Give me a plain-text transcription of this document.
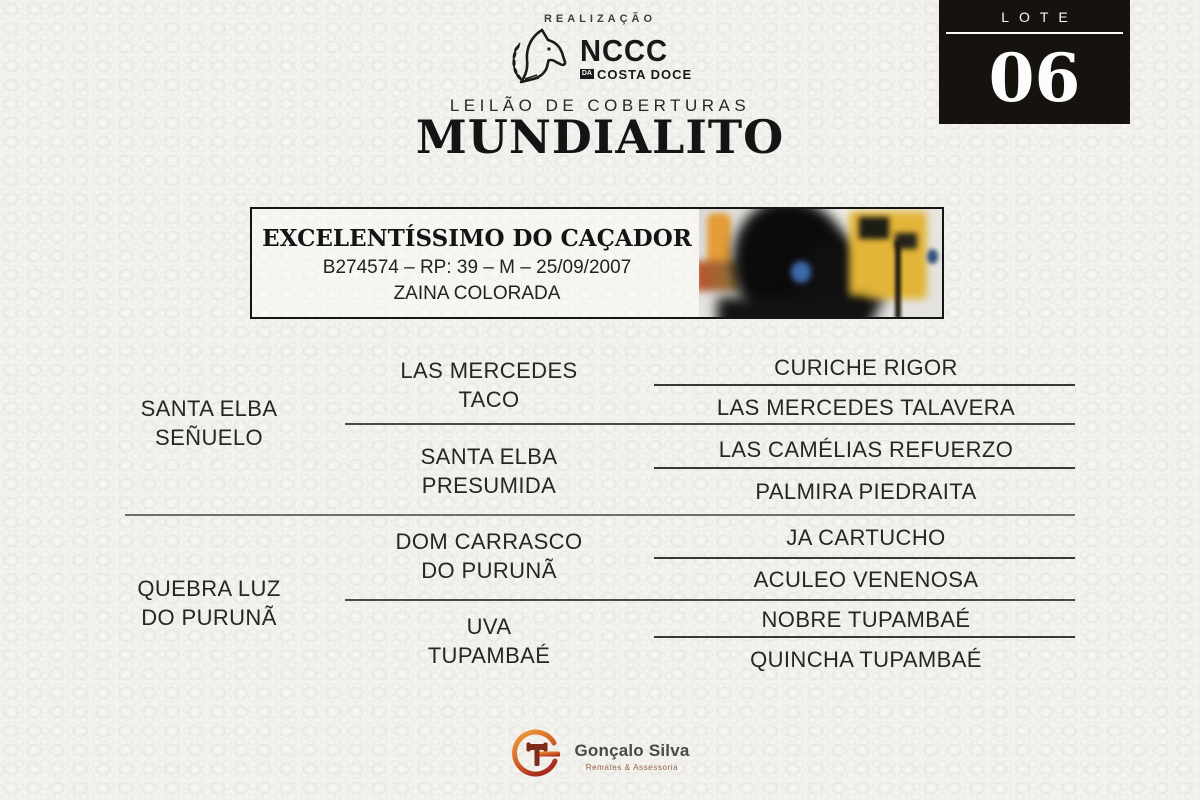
REALIZAÇÃO
NCCC
DA COSTA DOCE
LEILÃO DE COBERTURAS
MUNDIALITO
LOTE
06
EXCELENTÍSSIMO DO CAÇADOR
B274574 – RP: 39 – M – 25/09/2007
ZAINA COLORADA
SANTA ELBA
SEÑUELO
QUEBRA LUZ
DO PURUNÃ
LAS MERCEDES
TACO
SANTA ELBA
PRESUMIDA
DOM CARRASCO
DO PURUNÃ
UVA
TUPAMBAÉ
CURICHE RIGOR
LAS MERCEDES TALAVERA
LAS CAMÉLIAS REFUERZO
PALMIRA PIEDRAITA
JA CARTUCHO
ACULEO VENENOSA
NOBRE TUPAMBAÉ
QUINCHA TUPAMBAÉ
Gonçalo Silva
Remates & Assessoria
